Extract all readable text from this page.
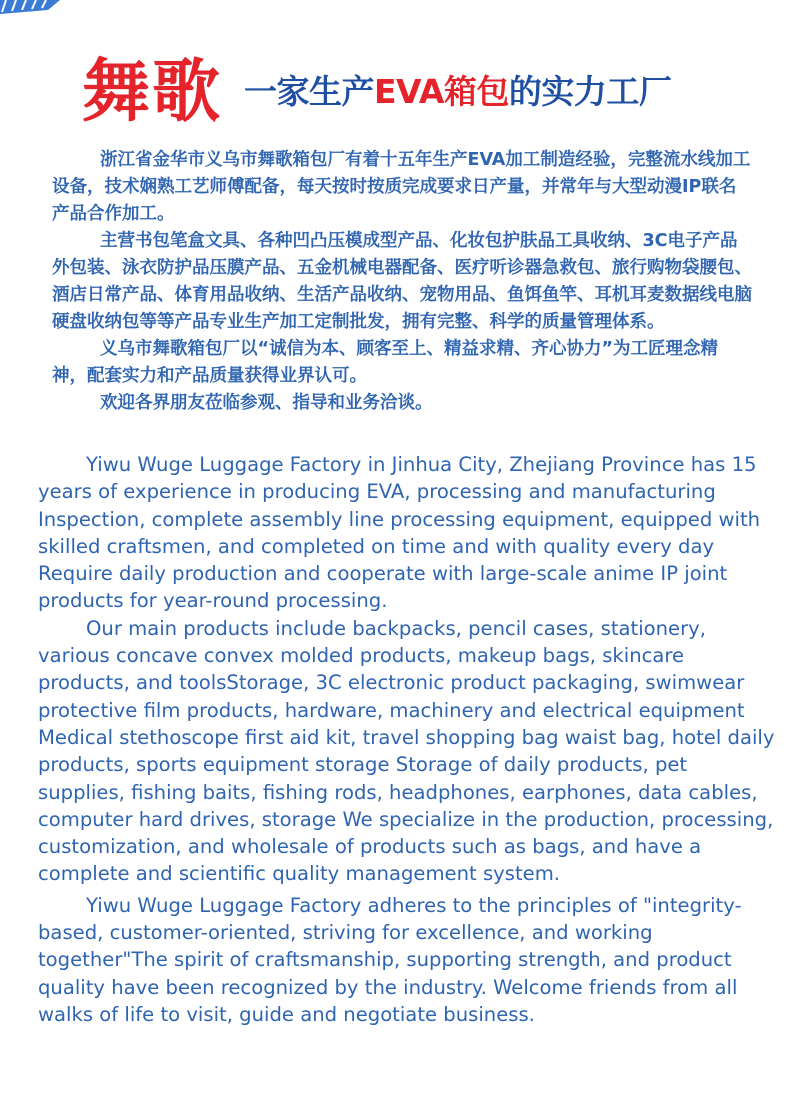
舞歌 一家生产EVA箱包的实力工厂

浙江省金华市义乌市舞歌箱包厂有着十五年生产EVA加工制造经验，完整流水线加工设备，技术娴熟工艺师傅配备，每天按时按质完成要求日产量，并常年与大型动漫IP联名产品合作加工。

主营书包笔盒文具、各种凹凸压模成型产品、化妆包护肤品工具收纳、3C电子产品外包装、泳衣防护品压膜产品、五金机械电器配备、医疗听诊器急救包、旅行购物袋腰包、酒店日常产品、体育用品收纳、生活产品收纳、宠物用品、鱼饵鱼竿、耳机耳麦数据线电脑硬盘收纳包等等产品专业生产加工定制批发，拥有完整、科学的质量管理体系。

义乌市舞歌箱包厂以“诚信为本、顾客至上、精益求精、齐心协力”为工匠理念精神，配套实力和产品质量获得业界认可。

欢迎各界朋友莅临参观、指导和业务洽谈。

Yiwu Wuge Luggage Factory in Jinhua City, Zhejiang Province has 15 years of experience in producing EVA, processing and manufacturing Inspection, complete assembly line processing equipment, equipped with skilled craftsmen, and completed on time and with quality every day Require daily production and cooperate with large-scale anime IP joint products for year-round processing.

Our main products include backpacks, pencil cases, stationery, various concave convex molded products, makeup bags, skincare products, and toolsStorage, 3C electronic product packaging, swimwear protective film products, hardware, machinery and electrical equipment Medical stethoscope first aid kit, travel shopping bag waist bag, hotel daily products, sports equipment storage Storage of daily products, pet supplies, fishing baits, fishing rods, headphones, earphones, data cables, computer hard drives, storage We specialize in the production, processing, customization, and wholesale of products such as bags, and have a complete and scientific quality management system.

Yiwu Wuge Luggage Factory adheres to the principles of "integrity-based, customer-oriented, striving for excellence, and working together"The spirit of craftsmanship, supporting strength, and product quality have been recognized by the industry. Welcome friends from all walks of life to visit, guide and negotiate business.
